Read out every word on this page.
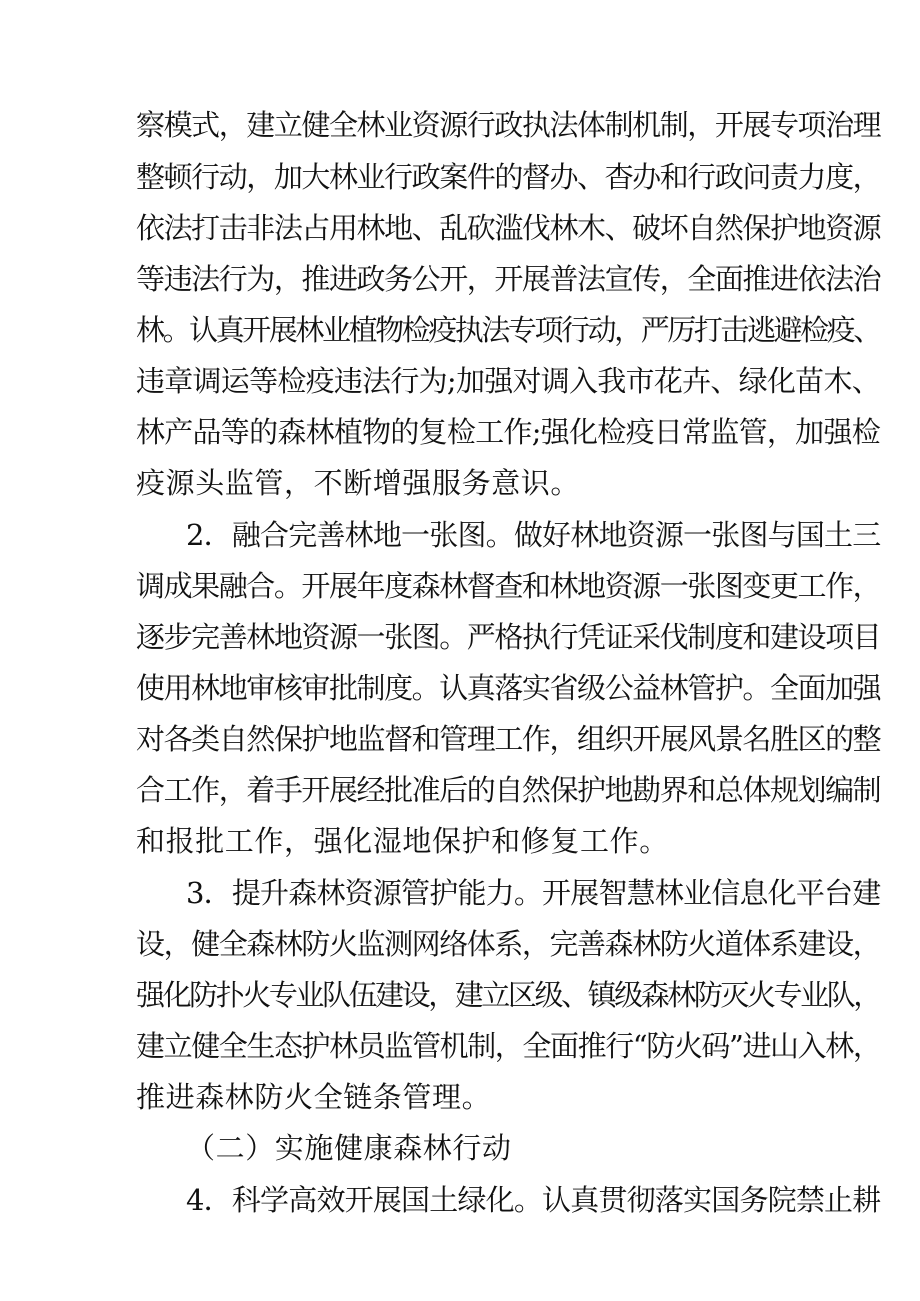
察模式，建立健全林业资源行政执法体制机制，开展专项治理
整顿行动，加大林业行政案件的督办、杳办和行政问责力度，
依法打击非法占用林地、乱砍滥伐林木、破坏自然保护地资源
等违法行为，推进政务公开，开展普法宣传，全面推进依法治
林。认真开展林业植物检疫执法专项行动，严厉打击逃避检疫、
违章调运等检疫违法行为;加强对调入我市花卉、绿化苗木、
林产品等的森林植物的复检工作;强化检疫日常监管，加强检
疫源头监管，不断增强服务意识。
2．融合完善林地一张图。做好林地资源一张图与国土三
调成果融合。开展年度森林督查和林地资源一张图变更工作，
逐步完善林地资源一张图。严格执行凭证采伐制度和建设项目
使用林地审核审批制度。认真落实省级公益林管护。全面加强
对各类自然保护地监督和管理工作，组织开展风景名胜区的整
合工作，着手开展经批准后的自然保护地勘界和总体规划编制
和报批工作，强化湿地保护和修复工作。
3．提升森林资源管护能力。开展智慧林业信息化平台建
设，健全森林防火监测网络体系，完善森林防火道体系建设，
强化防扑火专业队伍建设，建立区级、镇级森林防灭火专业队，
建立健全生态护林员监管机制，全面推行“防火码”进山入林，
推进森林防火全链条管理。
（二）实施健康森林行动
4．科学高效开展国土绿化。认真贯彻落实国务院禁止耕
